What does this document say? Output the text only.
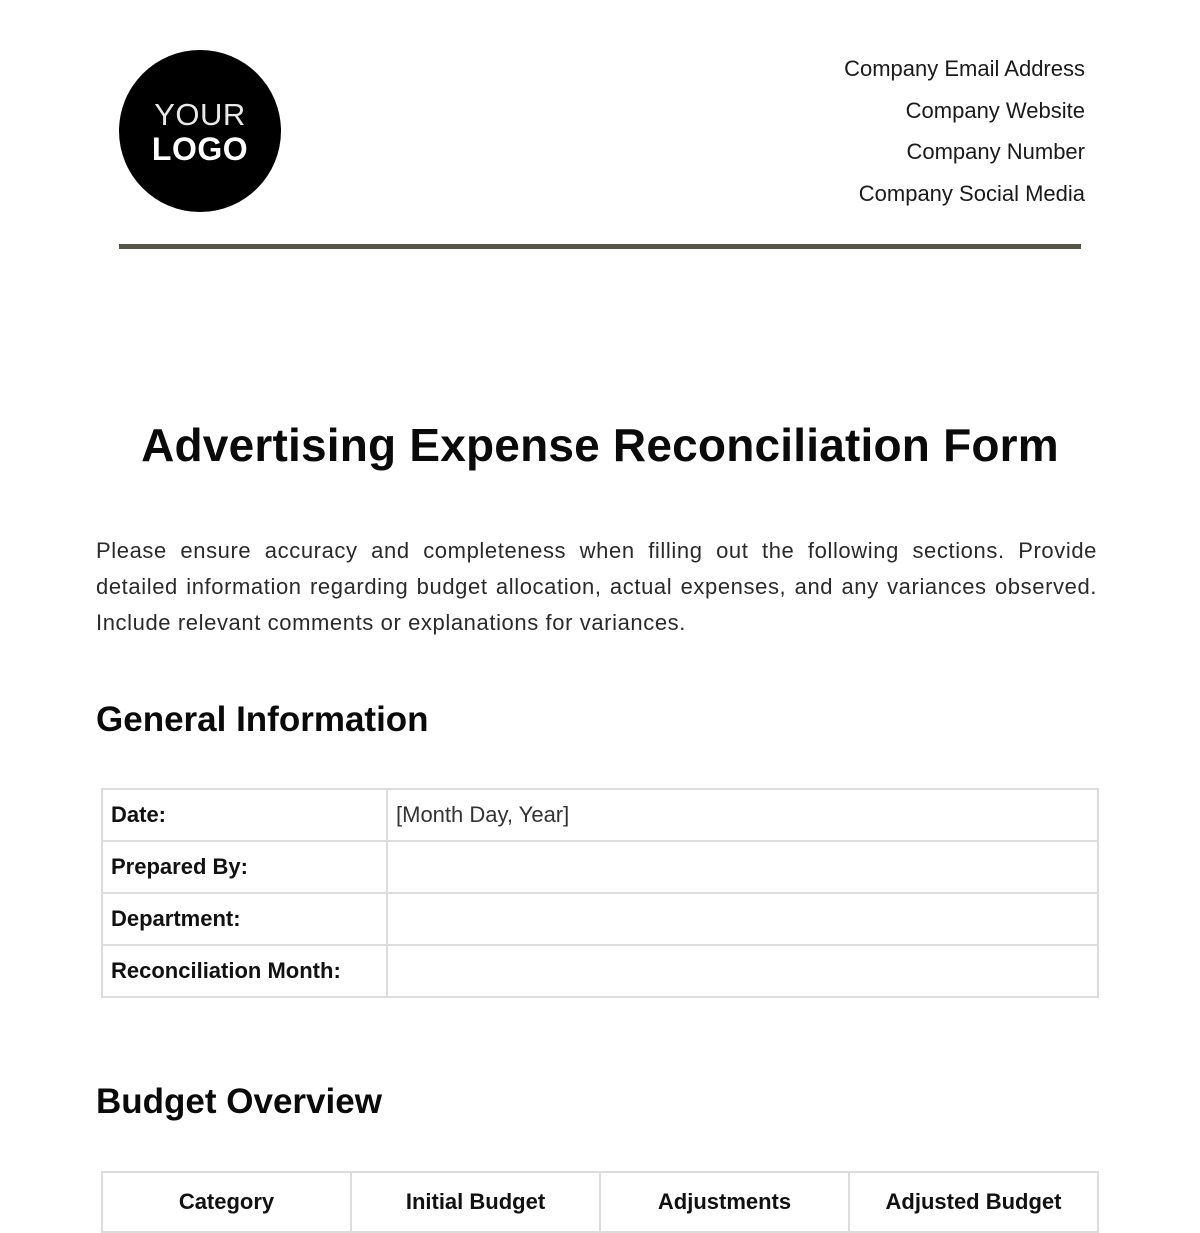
YOUR
LOGO
Company Email Address
Company Website
Company Number
Company Social Media
Advertising Expense Reconciliation Form

Please ensure accuracy and completeness when filling out the following sections. Provide detailed information regarding budget allocation, actual expenses, and any variances observed. Include relevant comments or explanations for variances.

General Information
Date:	[Month Day, Year]
Prepared By:	
Department:	
Reconciliation Month:	
Budget Overview
Category	Initial Budget	Adjustments	Adjusted Budget
